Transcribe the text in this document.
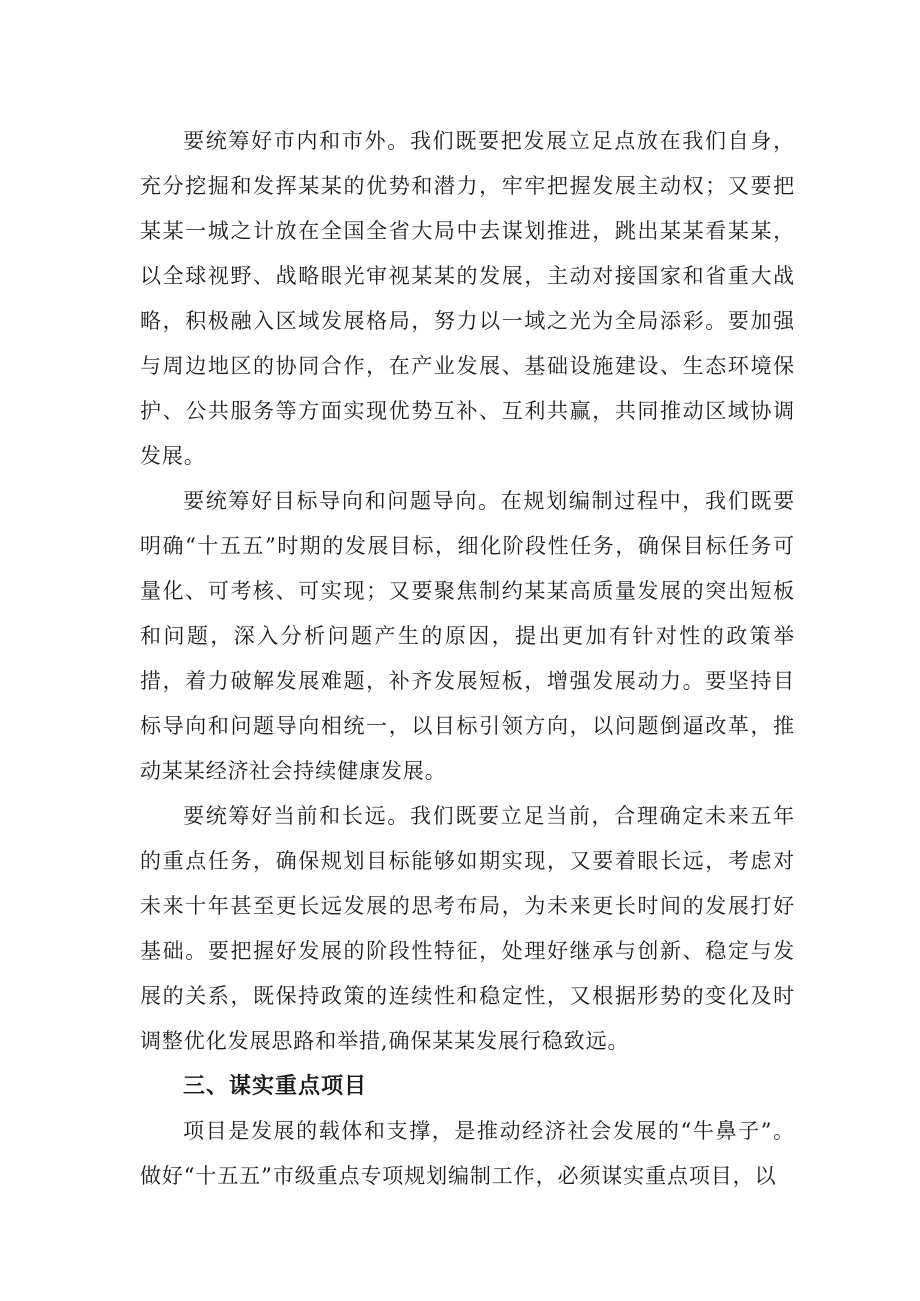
要统筹好市内和市外。我们既要把发展立足点放在我们自身，充分挖掘和发挥某某的优势和潜力，牢牢把握发展主动权；又要把某某一城之计放在全国全省大局中去谋划推进，跳出某某看某某，以全球视野、战略眼光审视某某的发展，主动对接国家和省重大战略，积极融入区域发展格局，努力以一域之光为全局添彩。要加强与周边地区的协同合作，在产业发展、基础设施建设、生态环境保护、公共服务等方面实现优势互补、互利共赢，共同推动区域协调发展。

要统筹好目标导向和问题导向。在规划编制过程中，我们既要明确“十五五”时期的发展目标，细化阶段性任务，确保目标任务可量化、可考核、可实现；又要聚焦制约某某高质量发展的突出短板和问题，深入分析问题产生的原因，提出更加有针对性的政策举措，着力破解发展难题，补齐发展短板，增强发展动力。要坚持目标导向和问题导向相统一，以目标引领方向，以问题倒逼改革，推动某某经济社会持续健康发展。

要统筹好当前和长远。我们既要立足当前，合理确定未来五年的重点任务，确保规划目标能够如期实现，又要着眼长远，考虑对未来十年甚至更长远发展的思考布局，为未来更长时间的发展打好基础。要把握好发展的阶段性特征，处理好继承与创新、稳定与发展的关系，既保持政策的连续性和稳定性，又根据形势的变化及时调整优化发展思路和举措,确保某某发展行稳致远。

三、谋实重点项目

项目是发展的载体和支撑，是推动经济社会发展的“牛鼻子”。做好“十五五”市级重点专项规划编制工作，必须谋实重点项目，以
